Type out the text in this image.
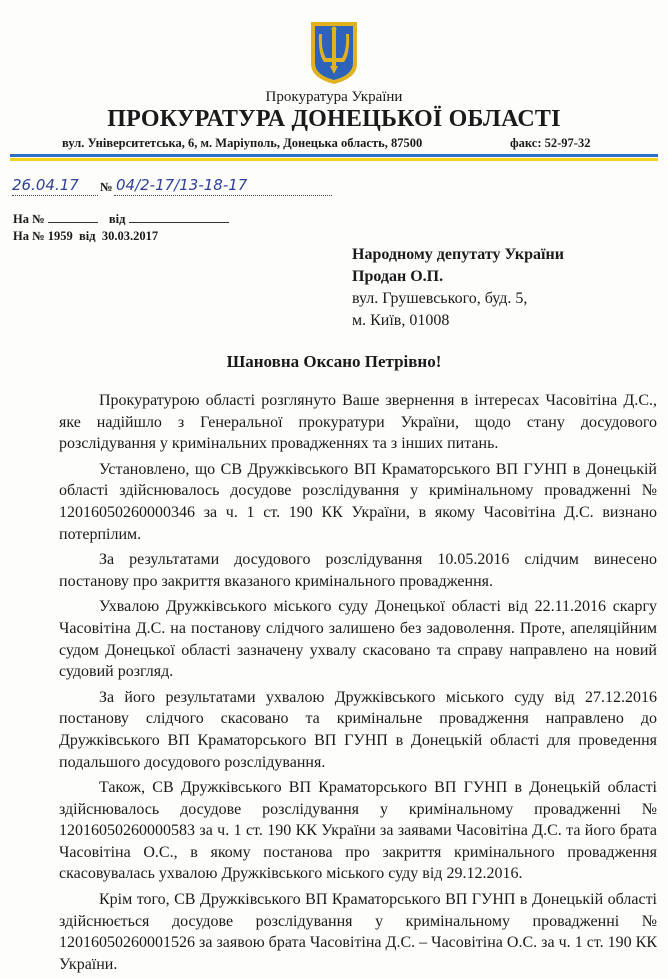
Прокуратура України
ПРОКУРАТУРА ДОНЕЦЬКОЇ ОБЛАСТІ
вул. Університетська, 6, м. Маріуполь, Донецька область, 87500	факс: 52-97-32
26.04.17 № 04/2-17/13-18-17
На №	від
На № 1959  від  30.03.2017
Народному депутату України
Продан О.П.
вул. Грушевського, буд. 5,
м. Київ, 01008
Шановна Оксано Петрівно!

Прокуратурою області розглянуто Ваше звернення в інтересах Часовітіна Д.С., яке надійшло з Генеральної прокуратури України, щодо стану досудового розслідування у кримінальних провадженнях та з інших питань.

Установлено, що СВ Дружківського ВП Краматорського ВП ГУНП в Донецькій області здійснювалось досудове розслідування у кримінальному провадженні № 12016050260000346 за ч. 1 ст. 190 КК України, в якому Часовітіна Д.С. визнано потерпілим.

За результатами досудового розслідування 10.05.2016 слідчим винесено постанову про закриття вказаного кримінального провадження.

Ухвалою Дружківського міського суду Донецької області від 22.11.2016 скаргу Часовітіна Д.С. на постанову слідчого залишено без задоволення. Проте, апеляційним судом Донецької області зазначену ухвалу скасовано та справу направлено на новий судовий розгляд.

За його результатами ухвалою Дружківського міського суду від 27.12.2016 постанову слідчого скасовано та кримінальне провадження направлено до Дружківського ВП Краматорського ВП ГУНП в Донецькій області для проведення подальшого досудового розслідування.

Також, СВ Дружківського ВП Краматорського ВП ГУНП в Донецькій області здійснювалось досудове розслідування у кримінальному провадженні № 12016050260000583 за ч. 1 ст. 190 КК України за заявами Часовітіна Д.С. та його брата Часовітіна О.С., в якому постанова про закриття кримінального провадження скасовувалась ухвалою Дружківського міського суду від 29.12.2016.

Крім того, СВ Дружківського ВП Краматорського ВП ГУНП в Донецькій області здійснюється досудове розслідування у кримінальному провадженні № 12016050260001526 за заявою брата Часовітіна Д.С. – Часовітіна О.С. за ч. 1 ст. 190 КК України.
